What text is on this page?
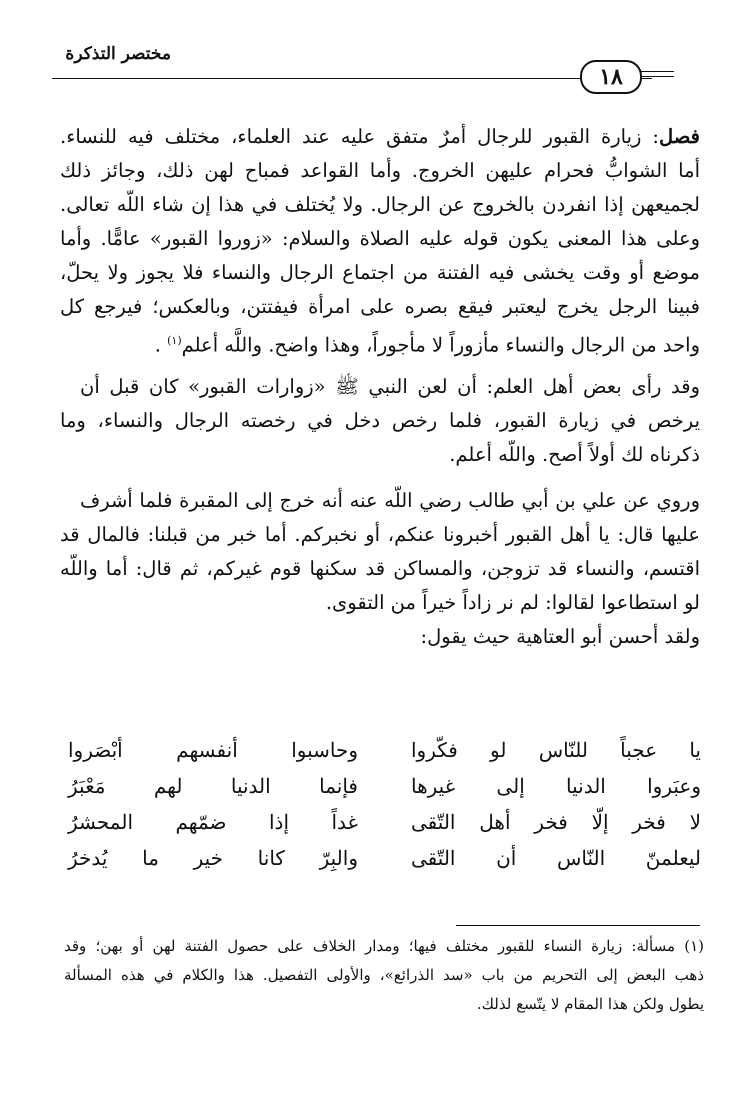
مختصر التذكرة
١٨
فصل: زيارة القبور للرجال أمرٌ متفق عليه عند العلماء، مختلف فيه للنساء.
أما الشوابُّ فحرام عليهن الخروج. وأما القواعد فمباح لهن ذلك، وجائز ذلك
لجميعهن إذا انفردن بالخروج عن الرجال. ولا يُختلف في هذا إن شاء اللَّه تعالى.
وعلى هذا المعنى يكون قوله عليه الصلاة والسلام: «زوروا القبور» عامًّا. وأما
موضع أو وقت يخشى فيه الفتنة من اجتماع الرجال والنساء فلا يجوز ولا يحلّ،
فبينا الرجل يخرج ليعتبر فيقع بصره على امرأة فيفتتن، وبالعكس؛ فيرجع كل
واحد من الرجال والنساء مأزوراً لا مأجوراً، وهذا واضح. واللَّه أعلم$^{(١)}$ .
وقد رأى بعض أهل العلم: أن لعن النبي ﷺ «زوارات القبور» كان قبل أن
يرخص في زيارة القبور، فلما رخص دخل في رخصته الرجال والنساء، وما
ذكرناه لك أولاً أصح. واللَّه أعلم.
وروي عن علي بن أبي طالب رضي اللَّه عنه أنه خرج إلى المقبرة فلما أشرف
عليها قال: يا أهل القبور أخبرونا عنكم، أو نخبركم. أما خبر من قبلنا: فالمال قد
اقتسم، والنساء قد تزوجن، والمساكن قد سكنها قوم غيركم، ثم قال: أما واللَّه
لو استطاعوا لقالوا: لم نر زاداً خيراً من التقوى.
ولقد أحسن أبو العتاهية حيث يقول:
يا عجباً للنّاس لو فكّروا
وحاسبوا أنفسهم أبْصَروا
وعبَروا الدنيا إلى غيرها
فإنما الدنيا لهم مَعْبَرُ
لا فخر إلّا فخر أهل التّقى
غداً إذا ضمّهم المحشرُ
ليعلمنّ النّاس أن التّقى
والبِرّ كانا خير ما يُدخرُ
(١) مسألة: زيارة النساء للقبور مختلف فيها؛ ومدار الخلاف على حصول الفتنة لهن أو بهن؛ وقد
ذهب البعض إلى التحريم من باب «سد الذرائع»، والأولى التفصيل. هذا والكلام في هذه المسألة
يطول ولكن هذا المقام لا يتّسع لذلك.
